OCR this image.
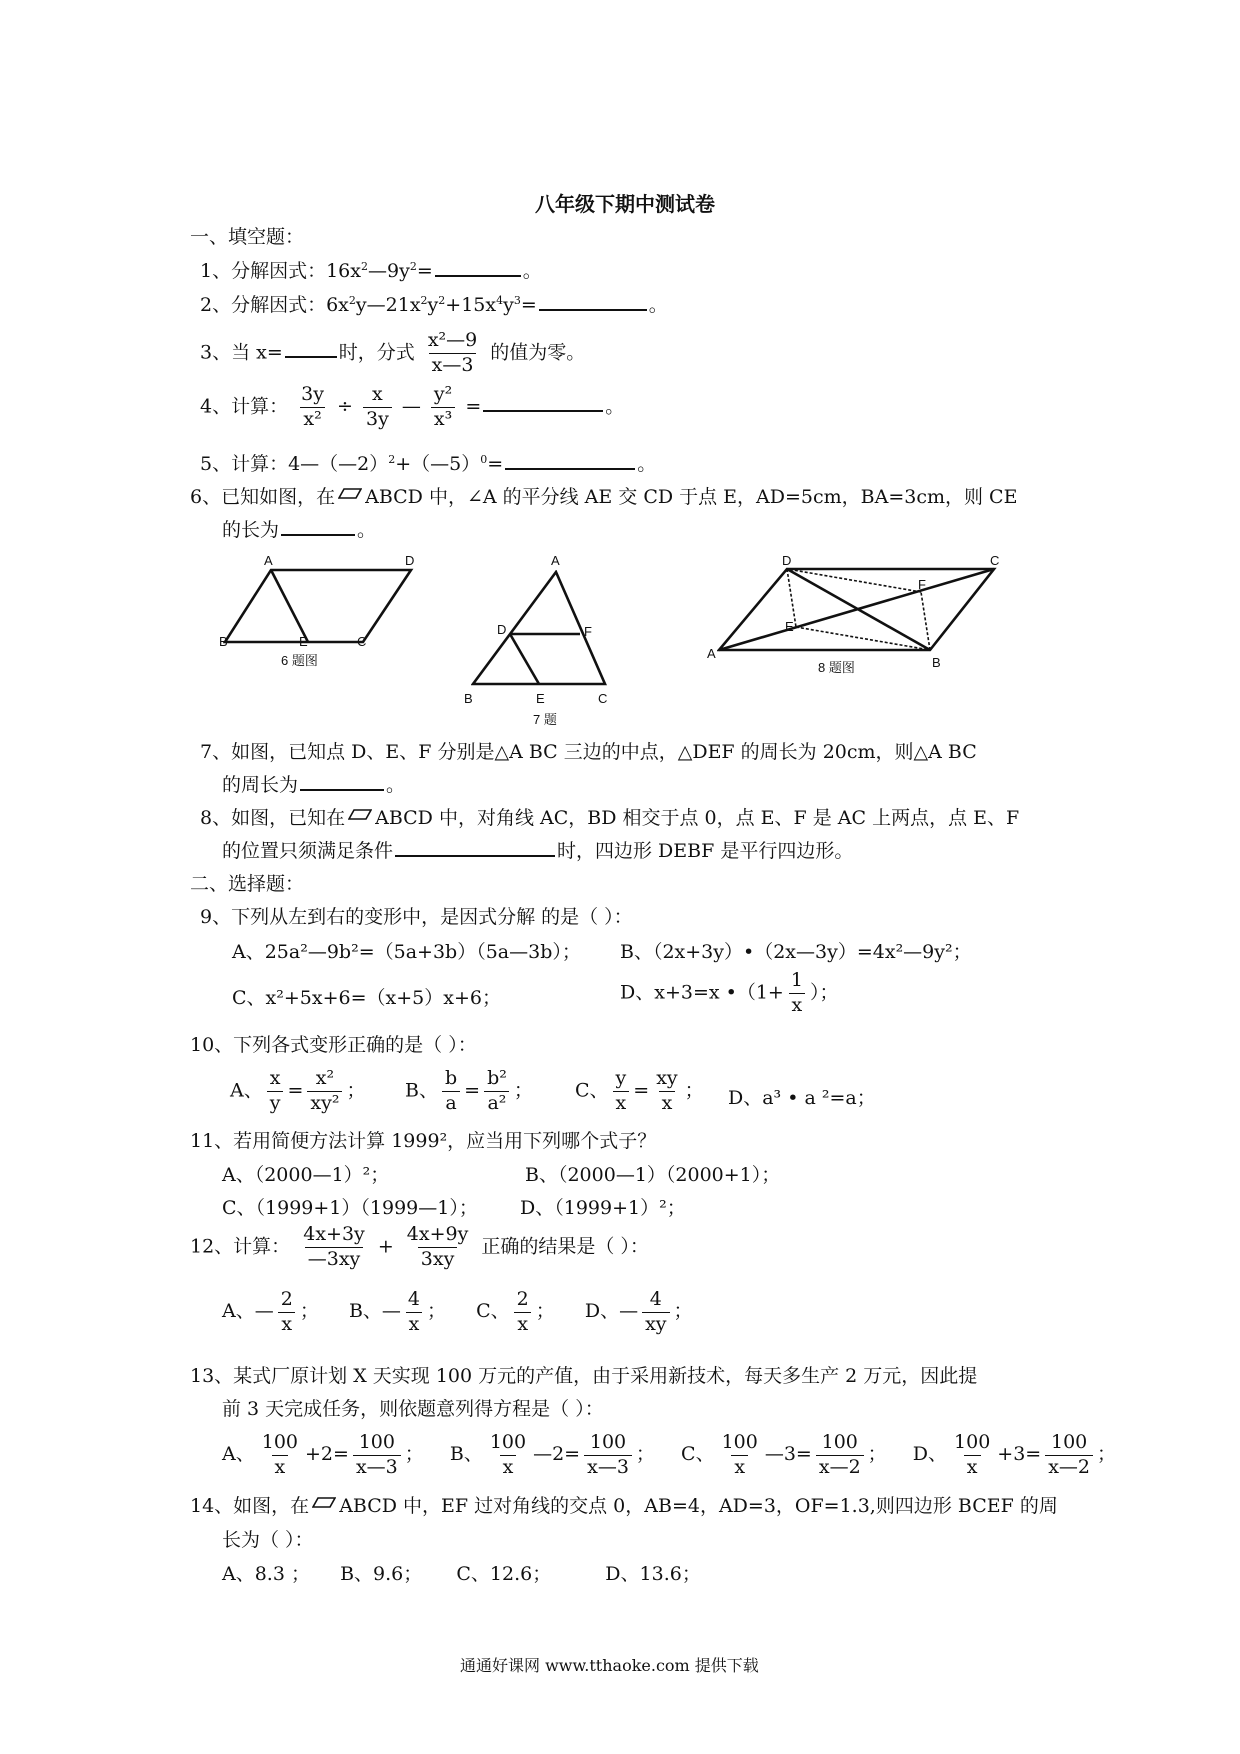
八年级下期中测试卷
一、填空题：
1、分解因式：$16x^2—9y^2=$	。
2、分解因式：$6x^2y—21x^2y^2+15x^4y^3=$	。
3、当 x=	时，分式 $\frac{\text{x²—9}}{x—3}$ 的值为零。
4、计算： $\frac{3y}{\text{x²}} \div \frac{x}{3y}$ — $\frac{\text{y²}}{\text{x³}}$ =	。
5、计算：4—（—2）$^2$+（—5）$^0$=	。
6、已知如图，在 ABCD 中，∠A 的平分线 AE 交 CD 于点 E，AD=5cm，BA=3cm，则 CE
的长为	。
A	D
B	E	C
6 题图
A
D	F
B	E	C
7 题
D	C
F
E
A
B
8 题图
7、如图，已知点 D、E、F 分别是△A BC 三边的中点，△DEF 的周长为 20cm，则△A BC
的周长为	。
8、如图，已知在 ABCD 中，对角线 AC，BD 相交于点 0，点 E、F 是 AC 上两点，点 E、F
的位置只须满足条件	时，四边形 DEBF 是平行四边形。
二、选择题：
9、下列从左到右的变形中，是因式分解 的是（ ）：
A、25a²—9b²=（5a+3b）（5a—3b）； B、（2x+3y）•（2x—3y）=4x²—9y²；
C、x²+5x+6=（x+5）x+6；	D、x+3=x •（1+ $\frac{1}{x}$ ）；
10、下列各式变形正确的是（ ）：
A、 $\frac{x}{y} = \frac{\text{x²}}{\text{xy²}}$ ； B、 $\frac{b}{a} = \frac{\text{b²}}{\text{a²}}$ ； C、 $\frac{y}{x} = \frac{xy}{x}$ ； D、a³ • a ²=a；
11、若用简便方法计算 1999²，应当用下列哪个式子？
A、（2000—1）²；	B、（2000—1）（2000+1）；
C、（1999+1）（1999—1）； D、（1999+1）²；
12、计算： $\frac{4x+3y}{—3xy} + \frac{4x+9y}{3xy}$ 正确的结果是（ ）：
A、— $\frac{2}{x}$ ； B、— $\frac{4}{x}$ ； C、 $\frac{2}{x}$ ； D、— $\frac{4}{xy}$ ；
13、某式厂原计划 X 天实现 100 万元的产值，由于采用新技术，每天多生产 2 万元，因此提
前 3 天完成任务，则依题意列得方程是（ ）：
A、 $\frac{100}{x} +2= \frac{100}{x—3}$ ； B、 $\frac{100}{x}$ —2= $\frac{100}{x—3}$ ； C、 $\frac{100}{x}$ —3= $\frac{100}{x—2}$ ； D、 $\frac{100}{x} +3= \frac{100}{x—2}$ ；
14、如图，在 ABCD 中，EF 过对角线的交点 0，AB=4，AD=3，OF=1.3,则四边形 BCEF 的周
长为（ ）：
A、8.3 ； B、9.6； C、12.6；	D、13.6；
通通好课网 www.tthaoke.com 提供下载
